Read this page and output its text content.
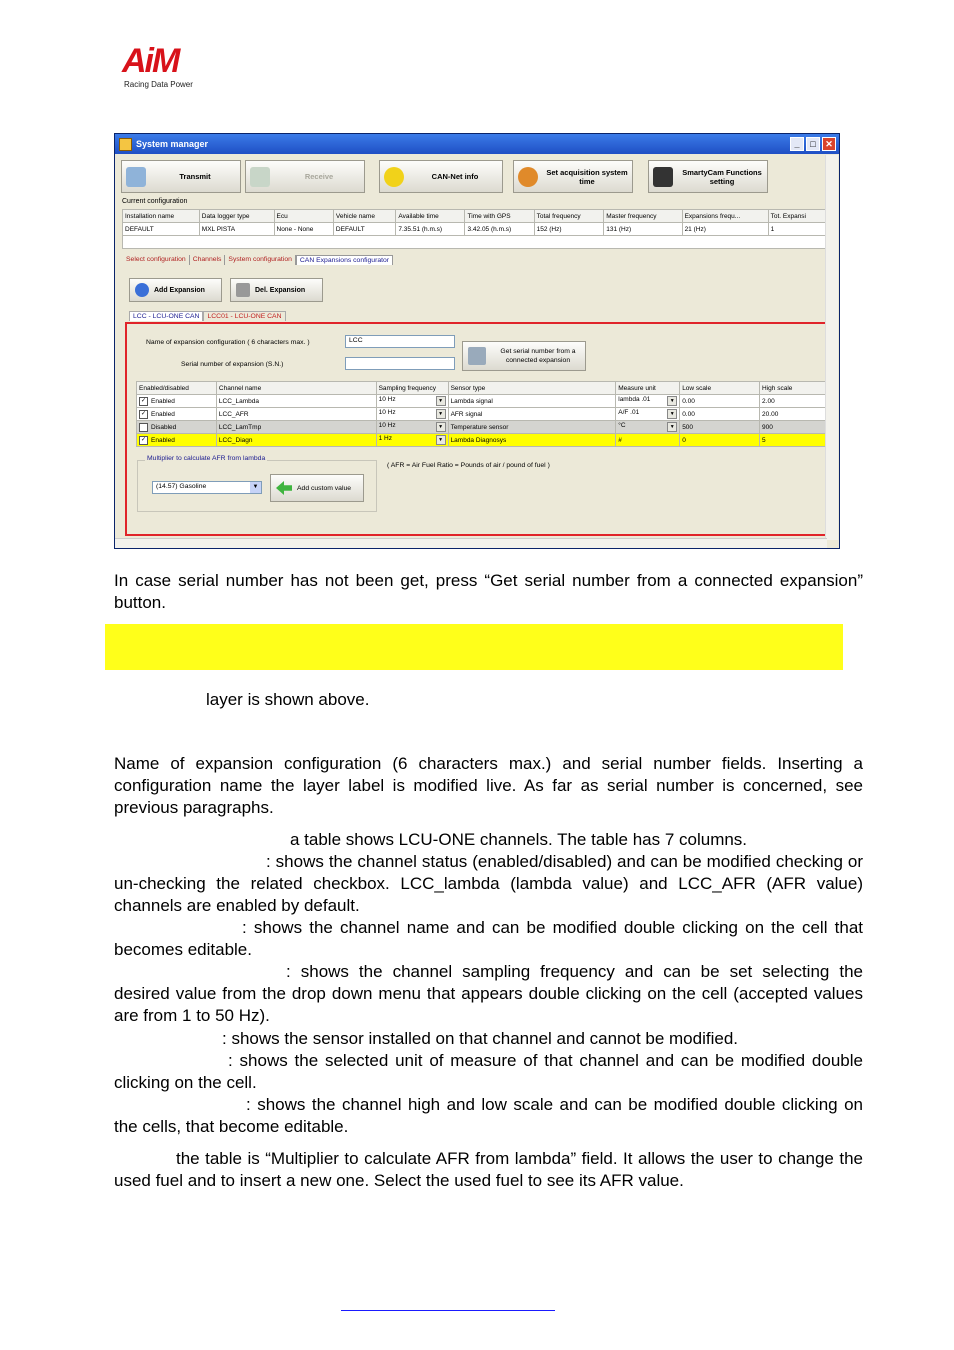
AiM
Racing Data Power
System manager	_	□	✕
Transmit	Receive	CAN-Net info	Set acquisition system time
SmartyCam Functions setting
Current configuration
Installation name	Data logger type	Ecu	Vehicle name	Available time	Time with GPS	Total frequency	Master frequency	Expansions frequ...	Tot. Expansi
DEFAULT	MXL PISTA	None - None	DEFAULT	7.35.51 (h.m.s)	3.42.05 (h.m.s)	152 (Hz)	131 (Hz)	21 (Hz)	1

Select configuration	Channels	System configuration	CAN Expansions configurator
Add Expansion	Del. Expansion
LCC - LCU-ONE CAN	LCC01 - LCU-ONE CAN
Name of expansion configuration ( 6 characters max. )	LCC
Serial number of expansion (S.N.)
Get serial number from a connected expansion
Enabled/disabled	Channel name	Sampling frequency	Sensor type	Measure unit	Low scale	High scale
✓ Enabled	LCC_Lambda	10 Hz ▼	Lambda signal	lambda .01 ▼	0.00	2.00
✓ Enabled	LCC_AFR	10 Hz ▼	AFR signal	A/F .01 ▼	0.00	20.00
Disabled	LCC_LamTmp	10 Hz ▼	Temperature sensor	°C ▼	500	900
✓ Enabled	LCC_Diagn	1 Hz ▼	Lambda Diagnosys	#	0	5
Multiplier to calculate AFR from lambda
(14.57) Gasoline	▼	Add custom value
( AFR = Air Fuel Ratio = Pounds of air / pound of fuel )
In case serial number has not been get, press “Get serial number from a connected expansion” button.
layer is shown above.
Name of expansion configuration (6 characters max.) and serial number fields. Inserting a configuration name the layer label is modified live. As far as serial number is concerned, see previous paragraphs.
a table shows LCU-ONE channels. The table has 7 columns.
: shows the channel status (enabled/disabled) and can be modified checking or un-checking the related checkbox. LCC_lambda (lambda value) and LCC_AFR (AFR value) channels are enabled by default.
: shows the channel name and can be modified double clicking on the cell that becomes editable.
: shows the channel sampling frequency and can be set selecting the desired value from the drop down menu that appears double clicking on the cell (accepted values are from 1 to 50 Hz).
: shows the sensor installed on that channel and cannot be modified.
: shows the selected unit of measure of that channel and can be modified double clicking on the cell.
: shows the channel high and low scale and can be modified double clicking on the cells, that become editable.
the table is “Multiplier to calculate AFR from lambda” field. It allows the user to change the used fuel and to insert a new one. Select the used fuel to see its AFR value.
